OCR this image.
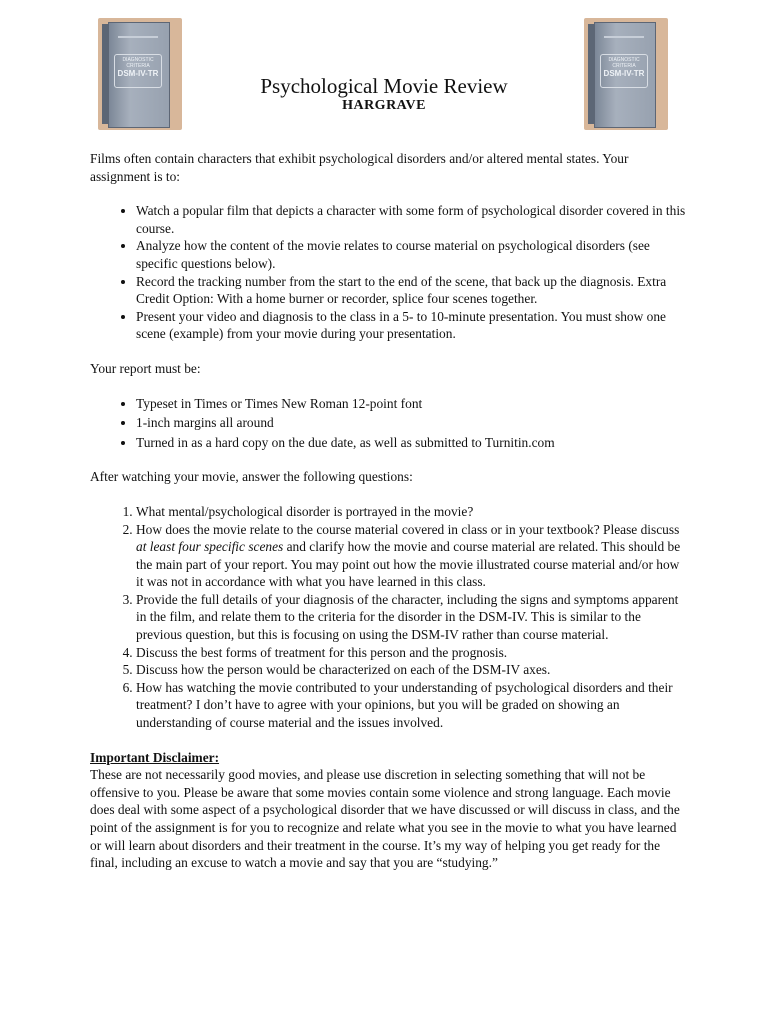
DIAGNOSTIC
CRITERIA
DSM-IV-TR
DIAGNOSTIC
CRITERIA
DSM-IV-TR
Psychological Movie Review
HARGRAVE

Films often contain characters that exhibit psychological disorders and/or altered mental states. Your assignment is to:

• Watch a popular film that depicts a character with some form of psychological disorder covered in this course.
• Analyze how the content of the movie relates to course material on psychological disorders (see specific questions below).
• Record the tracking number from the start to the end of the scene, that back up the diagnosis. Extra Credit Option: With a home burner or recorder, splice four scenes together.
• Present your video and diagnosis to the class in a 5- to 10-minute presentation. You must show one scene (example) from your movie during your presentation.

Your report must be:

• Typeset in Times or Times New Roman 12-point font
• 1-inch margins all around
• Turned in as a hard copy on the due date, as well as submitted to Turnitin.com

After watching your movie, answer the following questions:

1. What mental/psychological disorder is portrayed in the movie?
2. How does the movie relate to the course material covered in class or in your textbook? Please discuss at least four specific scenes and clarify how the movie and course material are related. This should be the main part of your report. You may point out how the movie illustrated course material and/or how it was not in accordance with what you have learned in this class.
3. Provide the full details of your diagnosis of the character, including the signs and symptoms apparent in the film, and relate them to the criteria for the disorder in the DSM-IV. This is similar to the previous question, but this is focusing on using the DSM-IV rather than course material.
4. Discuss the best forms of treatment for this person and the prognosis.
5. Discuss how the person would be characterized on each of the DSM-IV axes.
6. How has watching the movie contributed to your understanding of psychological disorders and their treatment? I don’t have to agree with your opinions, but you will be graded on showing an understanding of course material and the issues involved.
Important Disclaimer:

These are not necessarily good movies, and please use discretion in selecting something that will not be offensive to you. Please be aware that some movies contain some violence and strong language. Each movie does deal with some aspect of a psychological disorder that we have discussed or will discuss in class, and the point of the assignment is for you to recognize and relate what you see in the movie to what you have learned or will learn about disorders and their treatment in the course. It’s my way of helping you get ready for the final, including an excuse to watch a movie and say that you are “studying.”
